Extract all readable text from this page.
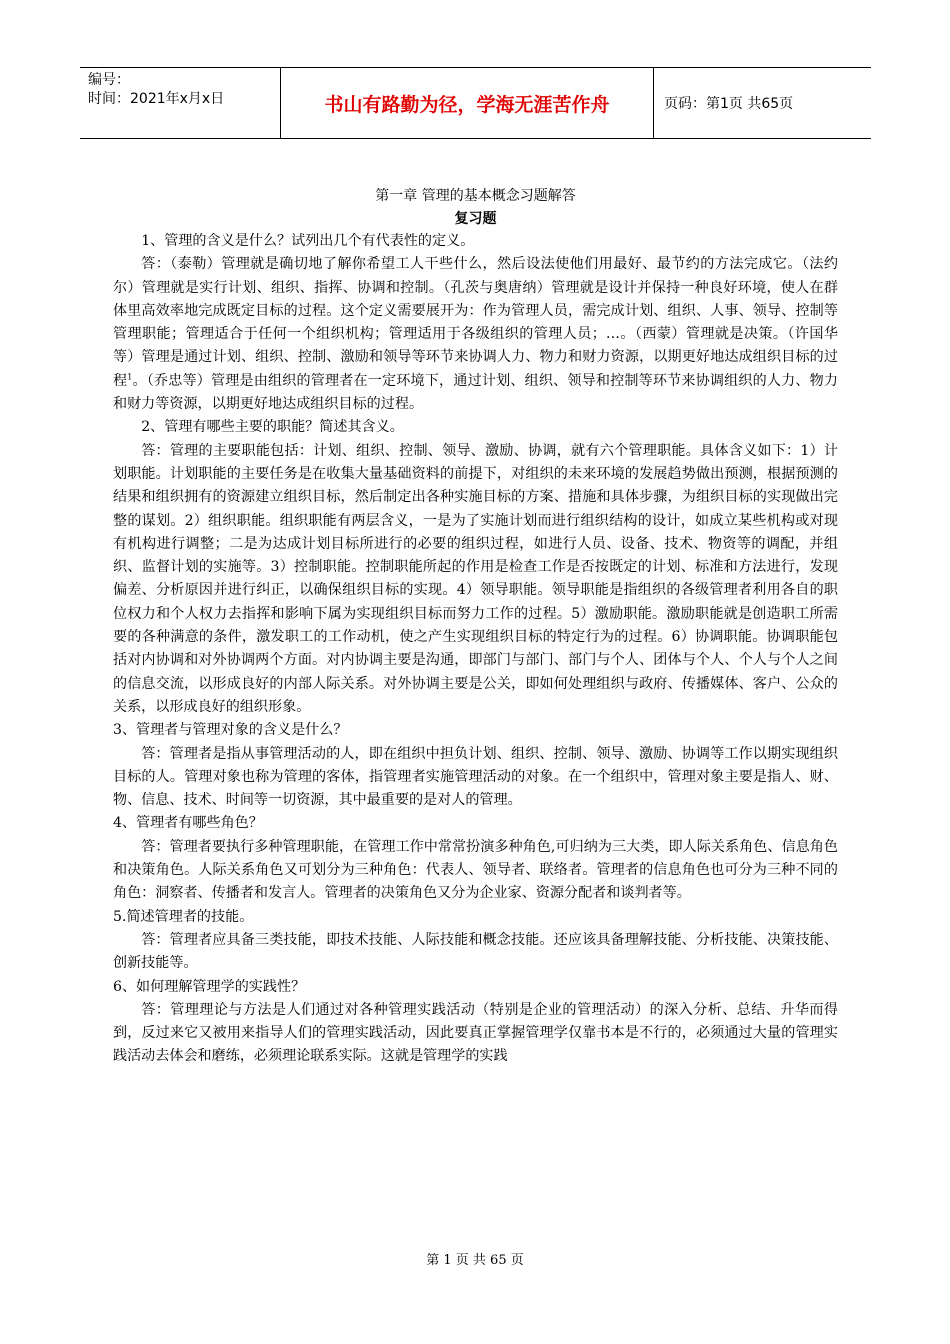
编号：
时间：2021年x月x日	书山有路勤为径，学海无涯苦作舟	页码：第1页 共65页

第一章 管理的基本概念习题解答

复习题

1、管理的含义是什么？试列出几个有代表性的定义。

答：（泰勒）管理就是确切地了解你希望工人干些什么，然后设法使他们用最好、最节约的方法完成它。（法约尔）管理就是实行计划、组织、指挥、协调和控制。（孔茨与奥唐纳）管理就是设计并保持一种良好环境，使人在群体里高效率地完成既定目标的过程。这个定义需要展开为：作为管理人员，需完成计划、组织、人事、领导、控制等管理职能；管理适合于任何一个组织机构；管理适用于各级组织的管理人员；…。（西蒙）管理就是决策。（许国华等）管理是通过计划、组织、控制、激励和领导等环节来协调人力、物力和财力资源，以期更好地达成组织目标的过程$^1$。（乔忠等）管理是由组织的管理者在一定环境下，通过计划、组织、领导和控制等环节来协调组织的人力、物力和财力等资源，以期更好地达成组织目标的过程。

2、管理有哪些主要的职能？简述其含义。

答：管理的主要职能包括：计划、组织、控制、领导、激励、协调，就有六个管理职能。具体含义如下：1）计划职能。计划职能的主要任务是在收集大量基础资料的前提下，对组织的未来环境的发展趋势做出预测，根据预测的结果和组织拥有的资源建立组织目标，然后制定出各种实施目标的方案、措施和具体步骤，为组织目标的实现做出完整的谋划。2）组织职能。组织职能有两层含义，一是为了实施计划而进行组织结构的设计，如成立某些机构或对现有机构进行调整；二是为达成计划目标所进行的必要的组织过程，如进行人员、设备、技术、物资等的调配，并组织、监督计划的实施等。3）控制职能。控制职能所起的作用是检查工作是否按既定的计划、标准和方法进行，发现偏差、分析原因并进行纠正，以确保组织目标的实现。4）领导职能。领导职能是指组织的各级管理者利用各自的职位权力和个人权力去指挥和影响下属为实现组织目标而努力工作的过程。5）激励职能。激励职能就是创造职工所需要的各种满意的条件，激发职工的工作动机，使之产生实现组织目标的特定行为的过程。6）协调职能。协调职能包括对内协调和对外协调两个方面。对内协调主要是沟通，即部门与部门、部门与个人、团体与个人、个人与个人之间的信息交流，以形成良好的内部人际关系。对外协调主要是公关，即如何处理组织与政府、传播媒体、客户、公众的关系，以形成良好的组织形象。

3、管理者与管理对象的含义是什么？

答：管理者是指从事管理活动的人，即在组织中担负计划、组织、控制、领导、激励、协调等工作以期实现组织目标的人。管理对象也称为管理的客体，指管理者实施管理活动的对象。在一个组织中，管理对象主要是指人、财、物、信息、技术、时间等一切资源，其中最重要的是对人的管理。

4、管理者有哪些角色？

答：管理者要执行多种管理职能，在管理工作中常常扮演多种角色,可归纳为三大类，即人际关系角色、信息角色和决策角色。人际关系角色又可划分为三种角色：代表人、领导者、联络者。管理者的信息角色也可分为三种不同的角色：洞察者、传播者和发言人。管理者的决策角色又分为企业家、资源分配者和谈判者等。

5.简述管理者的技能。

答：管理者应具备三类技能，即技术技能、人际技能和概念技能。还应该具备理解技能、分析技能、决策技能、创新技能等。

6、如何理解管理学的实践性？

答：管理理论与方法是人们通过对各种管理实践活动（特别是企业的管理活动）的深入分析、总结、升华而得到，反过来它又被用来指导人们的管理实践活动，因此要真正掌握管理学仅靠书本是不行的，必须通过大量的管理实践活动去体会和磨练，必须理论联系实际。这就是管理学的实践

第 1 页 共 65 页
